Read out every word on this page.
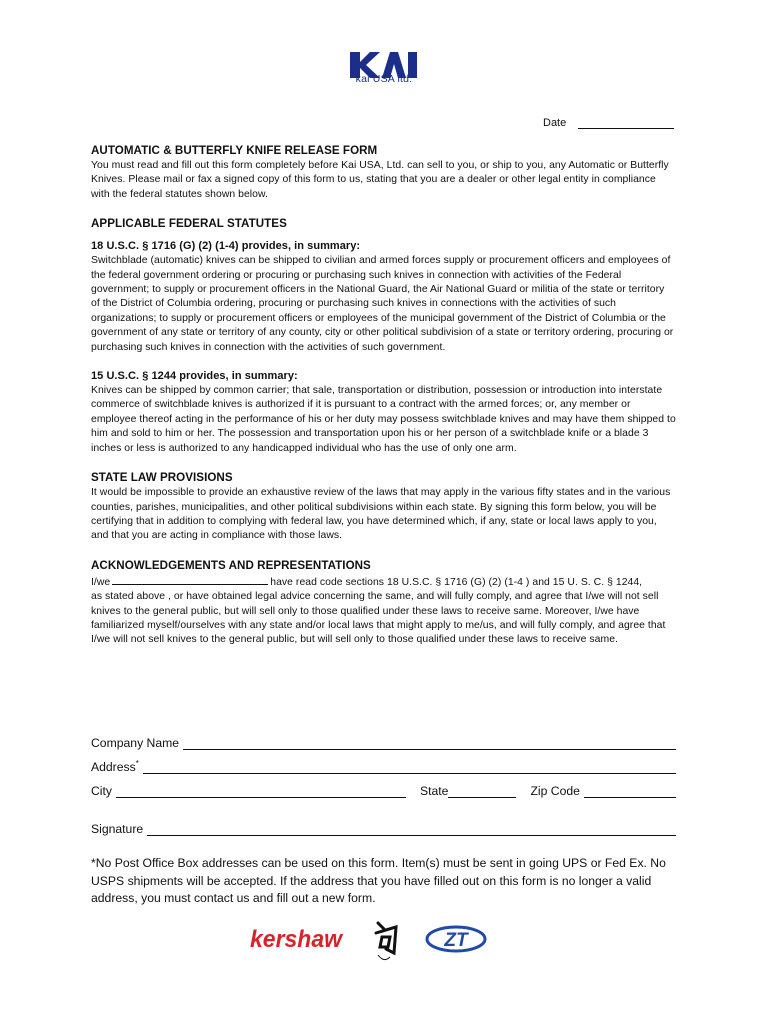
kai USA ltd.
Date
AUTOMATIC & BUTTERFLY KNIFE RELEASE FORM

You must read and fill out this form completely before Kai USA, Ltd. can sell to you, or ship to you, any Automatic or Butterfly Knives. Please mail or fax a signed copy of this form to us, stating that you are a dealer or other legal entity in compliance with the federal statutes shown below.

APPLICABLE FEDERAL STATUTES
18 U.S.C. § 1716 (G) (2) (1-4) provides, in summary:

Switchblade (automatic) knives can be shipped to civilian and armed forces supply or procurement officers and employees of the federal government ordering or procuring or purchasing such knives in connection with activities of the Federal government; to supply or procurement officers in the National Guard, the Air National Guard or militia of the state or territory of the District of Columbia ordering, procuring or purchasing such knives in connections with the activities of such organizations; to supply or procurement officers or employees of the municipal government of the District of Columbia or the government of any state or territory of any county, city or other political subdivision of a state or territory ordering, procuring or purchasing such knives in connection with the activities of such government.

15 U.S.C. § 1244 provides, in summary:

Knives can be shipped by common carrier; that sale, transportation or distribution, possession or introduction into interstate commerce of switchblade knives is authorized if it is pursuant to a contract with the armed forces; or, any member or employee thereof acting in the performance of his or her duty may possess switchblade knives and may have them shipped to him and sold to him or her. The possession and transportation upon his or her person of a switchblade knife or a blade 3 inches or less is authorized to any handicapped individual who has the use of only one arm.

STATE LAW PROVISIONS

It would be impossible to provide an exhaustive review of the laws that may apply in the various fifty states and in the various counties, parishes, municipalities, and other political subdivisions within each state. By signing this form below, you will be certifying that in addition to complying with federal law, you have determined which, if any, state or local laws apply to you, and that you are acting in compliance with those laws.

ACKNOWLEDGEMENTS AND REPRESENTATIONS

I/we	have read code sections 18 U.S.C. § 1716 (G) (2) (1-4 ) and 15 U. S. C. § 1244,
as stated above , or have obtained legal advice concerning the same, and will fully comply, and agree that I/we will not sell knives to the general public, but will sell only to those qualified under these laws to receive same. Moreover, I/we have familiarized myself/ourselves with any state and/or local laws that might apply to me/us, and will fully comply, and agree that I/we will not sell knives to the general public, but will sell only to those qualified under these laws to receive same.

Company Name
Address*
City	State	Zip Code
Signature

*No Post Office Box addresses can be used on this form. Item(s) must be sent in going UPS or Fed Ex. No USPS shipments will be accepted. If the address that you have filled out on this form is no longer a valid address, you must contact us and fill out a new form.

kershaw	ZT
